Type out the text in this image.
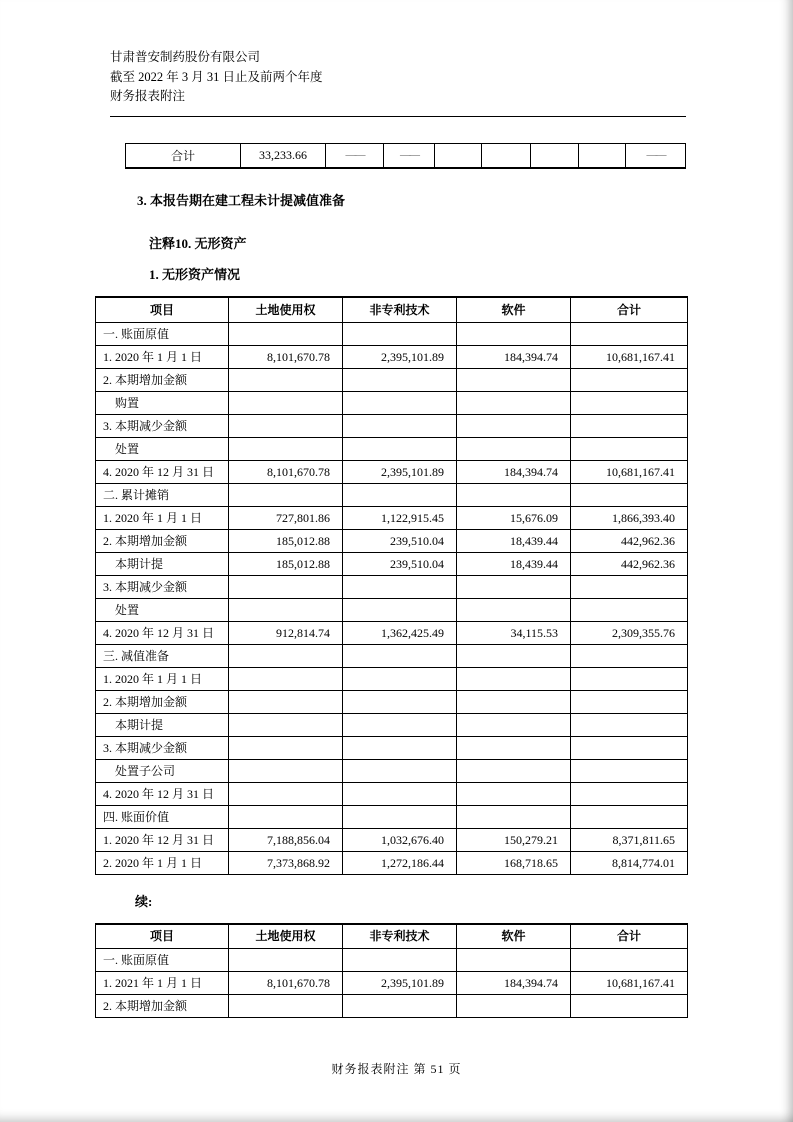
甘肃普安制药股份有限公司
截至 2022 年 3 月 31 日止及前两个年度
财务报表附注
合计	33,233.66	——	——					——
3. 本报告期在建工程未计提减值准备
注释10. 无形资产
1. 无形资产情况
项目	土地使用权	非专利技术	软件	合计
一. 账面原值				
1. 2020 年 1 月 1 日	8,101,670.78	2,395,101.89	184,394.74	10,681,167.41
2. 本期增加金额				
购置				
3. 本期减少金额				
处置				
4. 2020 年 12 月 31 日	8,101,670.78	2,395,101.89	184,394.74	10,681,167.41
二. 累计摊销				
1. 2020 年 1 月 1 日	727,801.86	1,122,915.45	15,676.09	1,866,393.40
2. 本期增加金额	185,012.88	239,510.04	18,439.44	442,962.36
本期计提	185,012.88	239,510.04	18,439.44	442,962.36
3. 本期减少金额				
处置				
4. 2020 年 12 月 31 日	912,814.74	1,362,425.49	34,115.53	2,309,355.76
三. 减值准备				
1. 2020 年 1 月 1 日				
2. 本期增加金额				
本期计提				
3. 本期减少金额				
处置子公司				
4. 2020 年 12 月 31 日				
四. 账面价值				
1. 2020 年 12 月 31 日	7,188,856.04	1,032,676.40	150,279.21	8,371,811.65
2. 2020 年 1 月 1 日	7,373,868.92	1,272,186.44	168,718.65	8,814,774.01
续:
项目	土地使用权	非专利技术	软件	合计
一. 账面原值				
1. 2021 年 1 月 1 日	8,101,670.78	2,395,101.89	184,394.74	10,681,167.41
2. 本期增加金额				
财务报表附注 第 51 页
